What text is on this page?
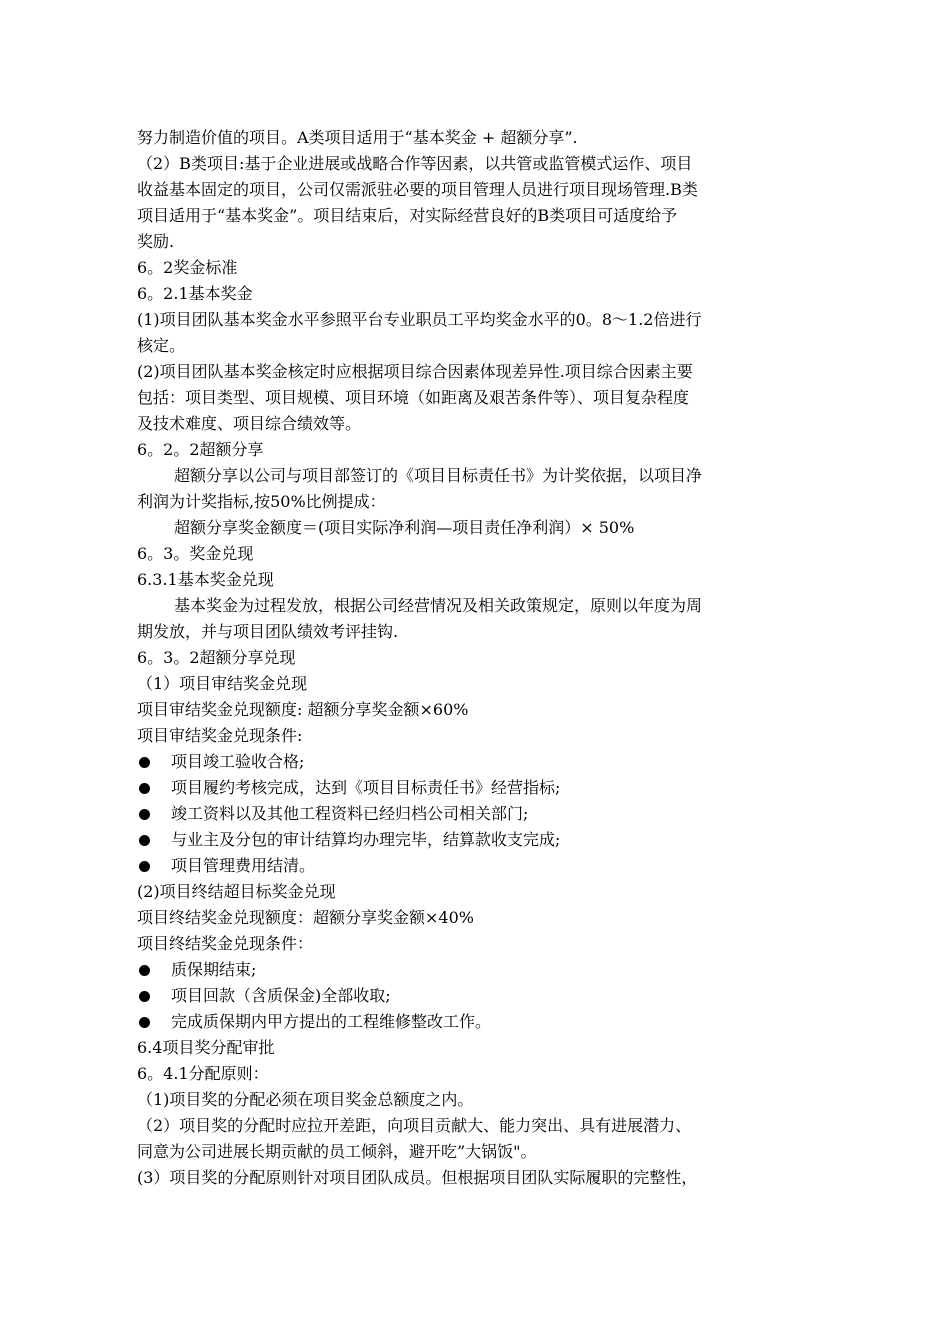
努力制造价值的项目。A类项目适用于“基本奖金 + 超额分享”.
（2）B类项目:基于企业进展或战略合作等因素，以共管或监管模式运作、项目
收益基本固定的项目，公司仅需派驻必要的项目管理人员进行项目现场管理.B类
项目适用于“基本奖金”。项目结束后，对实际经营良好的B类项目可适度给予
奖励.
6。2奖金标准
6。2.1基本奖金
(1)项目团队基本奖金水平参照平台专业职员工平均奖金水平的0。8～1.2倍进行
核定。
(2)项目团队基本奖金核定时应根据项目综合因素体现差异性.项目综合因素主要
包括：项目类型、项目规模、项目环境（如距离及艰苦条件等）、项目复杂程度
及技术难度、项目综合绩效等。
6。2。2超额分享
超额分享以公司与项目部签订的《项目目标责任书》为计奖依据，以项目净
利润为计奖指标,按50%比例提成：
超额分享奖金额度＝(项目实际净利润—项目责任净利润）× 50%
6。3。奖金兑现
6.3.1基本奖金兑现
基本奖金为过程发放，根据公司经营情况及相关政策规定，原则以年度为周
期发放，并与项目团队绩效考评挂钩.
6。3。2超额分享兑现
（1）项目审结奖金兑现
项目审结奖金兑现额度: 超额分享奖金额×60%
项目审结奖金兑现条件:
项目竣工验收合格;
项目履约考核完成，达到《项目目标责任书》经营指标;
竣工资料以及其他工程资料已经归档公司相关部门;
与业主及分包的审计结算均办理完毕，结算款收支完成;
项目管理费用结清。
(2)项目终结超目标奖金兑现
项目终结奖金兑现额度：超额分享奖金额×40%
项目终结奖金兑现条件：
质保期结束;
项目回款（含质保金)全部收取;
完成质保期内甲方提出的工程维修整改工作。
6.4项目奖分配审批
6。4.1分配原则：
（1)项目奖的分配必须在项目奖金总额度之内。
（2）项目奖的分配时应拉开差距，向项目贡献大、能力突出、具有进展潜力、
同意为公司进展长期贡献的员工倾斜，避开吃”大锅饭"。
(3）项目奖的分配原则针对项目团队成员。但根据项目团队实际履职的完整性，
